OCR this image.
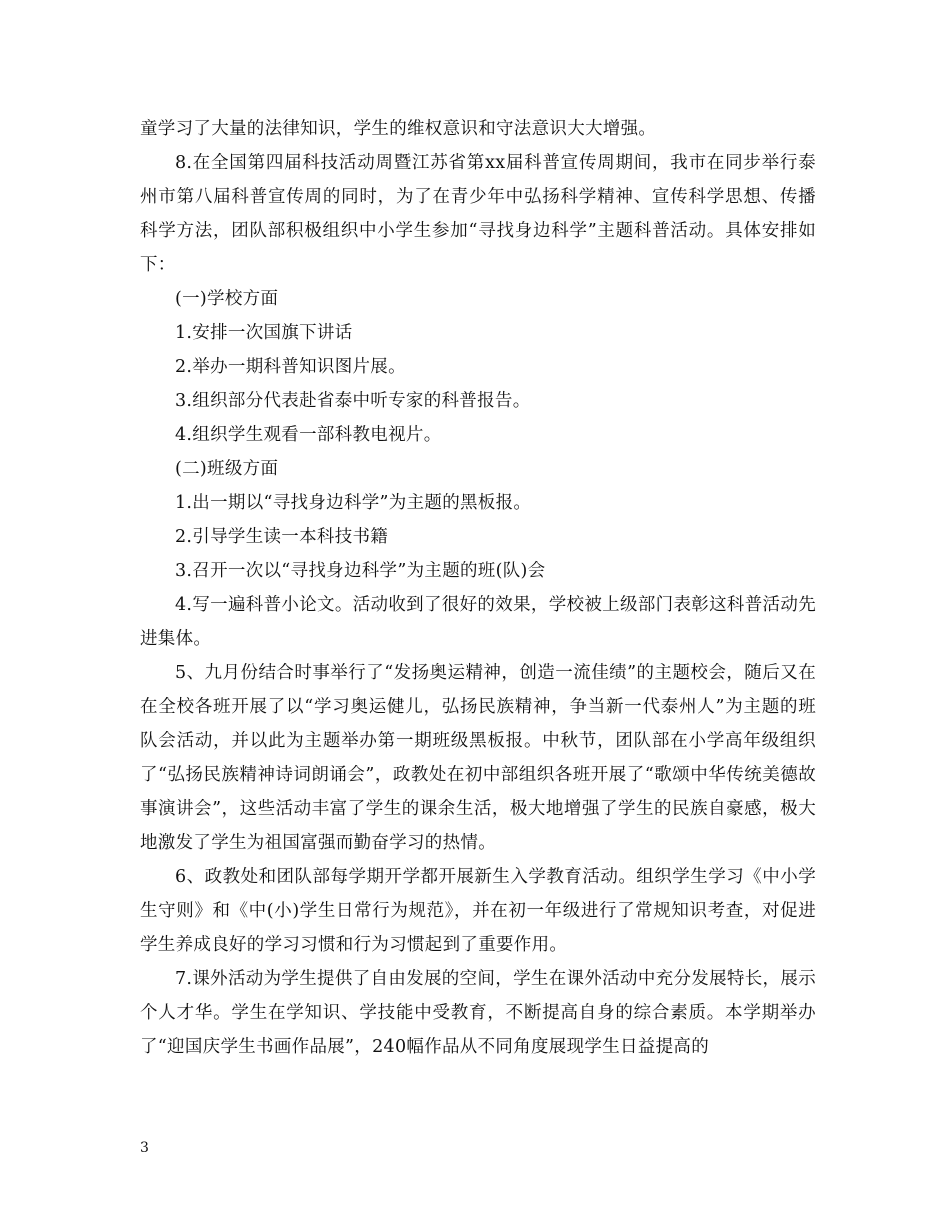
童学习了大量的法律知识，学生的维权意识和守法意识大大增强。

8.在全国第四届科技活动周暨江苏省第xx届科普宣传周期间，我市在同步举行泰州市第八届科普宣传周的同时，为了在青少年中弘扬科学精神、宣传科学思想、传播科学方法，团队部积极组织中小学生参加“寻找身边科学”主题科普活动。具体安排如下：

(一)学校方面

1.安排一次国旗下讲话

2.举办一期科普知识图片展。

3.组织部分代表赴省泰中听专家的科普报告。

4.组织学生观看一部科教电视片。

(二)班级方面

1.出一期以“寻找身边科学”为主题的黑板报。

2.引导学生读一本科技书籍

3.召开一次以“寻找身边科学”为主题的班(队)会

4.写一遍科普小论文。活动收到了很好的效果，学校被上级部门表彰这科普活动先进集体。

5、九月份结合时事举行了“发扬奥运精神，创造一流佳绩”的主题校会，随后又在在全校各班开展了以“学习奥运健儿，弘扬民族精神，争当新一代泰州人”为主题的班队会活动，并以此为主题举办第一期班级黑板报。中秋节，团队部在小学高年级组织了“弘扬民族精神诗词朗诵会”，政教处在初中部组织各班开展了“歌颂中华传统美德故事演讲会”，这些活动丰富了学生的课余生活，极大地增强了学生的民族自豪感，极大地激发了学生为祖国富强而勤奋学习的热情。

6、政教处和团队部每学期开学都开展新生入学教育活动。组织学生学习《中小学生守则》和《中(小)学生日常行为规范》，并在初一年级进行了常规知识考查，对促进学生养成良好的学习习惯和行为习惯起到了重要作用。

7.课外活动为学生提供了自由发展的空间，学生在课外活动中充分发展特长，展示个人才华。学生在学知识、学技能中受教育，不断提高自身的综合素质。本学期举办了“迎国庆学生书画作品展”，240幅作品从不同角度展现学生日益提高的

3
